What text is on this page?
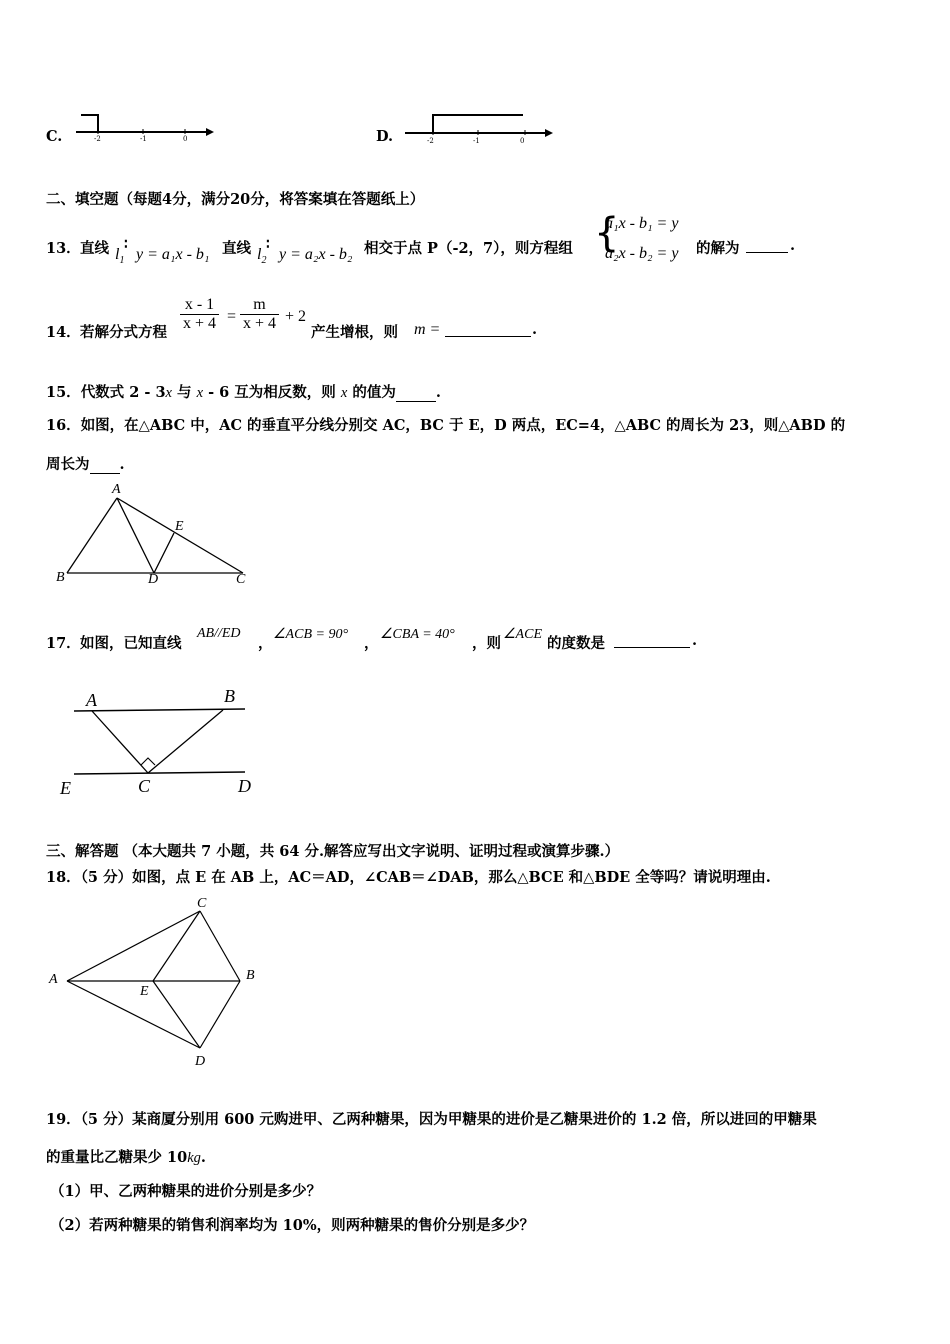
C.	-2	-1	0	D.	-2	-1	0
二、填空题（每题4分，满分20分，将答案填在答题纸上）
13． 直线 $l_1$
∶
y = a₁x - b₁ 直线 $l_2$
∶
y = a₂x - b₂ 相交于点 P（-2，7），则方程组 {
a₁x - b₁ = y
a₂x - b₂ = y 的解为	.
14． 若解分式方程 $\frac{x - 1}{x + 4} = \frac{m}{x + 4} + 2$
产生增根，则 m =	.
15．代数式 2 - 3x 与 x - 6 互为相反数，则 x 的值为	.
16．如图，在△ABC 中，AC 的垂直平分线分别交 AC，BC 于 E，D 两点，EC=4，△ABC 的周长为 23，则△ABD 的
周长为 .
A
B	C
D
E
17． 如图，已知直线
AB//ED
，
∠ACB = 90°
，
∠CBA = 40°
，则
∠ACE
的度数是	.
A	B
C	D
E
三、解答题 （本大题共 7 小题，共 64 分.解答应写出文字说明、证明过程或演算步骤.）
18．（5 分）如图，点 E 在 AB 上，AC＝AD，∠CAB＝∠DAB，那么△BCE 和△BDE 全等吗？请说明理由.
C
A
E
B
D
19．（5 分）某商厦分别用 600 元购进甲、乙两种糖果，因为甲糖果的进价是乙糖果进价的 1.2 倍，所以进回的甲糖果
的重量比乙糖果少 10kg.
（1）甲、乙两种糖果的进价分别是多少？
（2）若两种糖果的销售利润率均为 10%，则两种糖果的售价分别是多少？
